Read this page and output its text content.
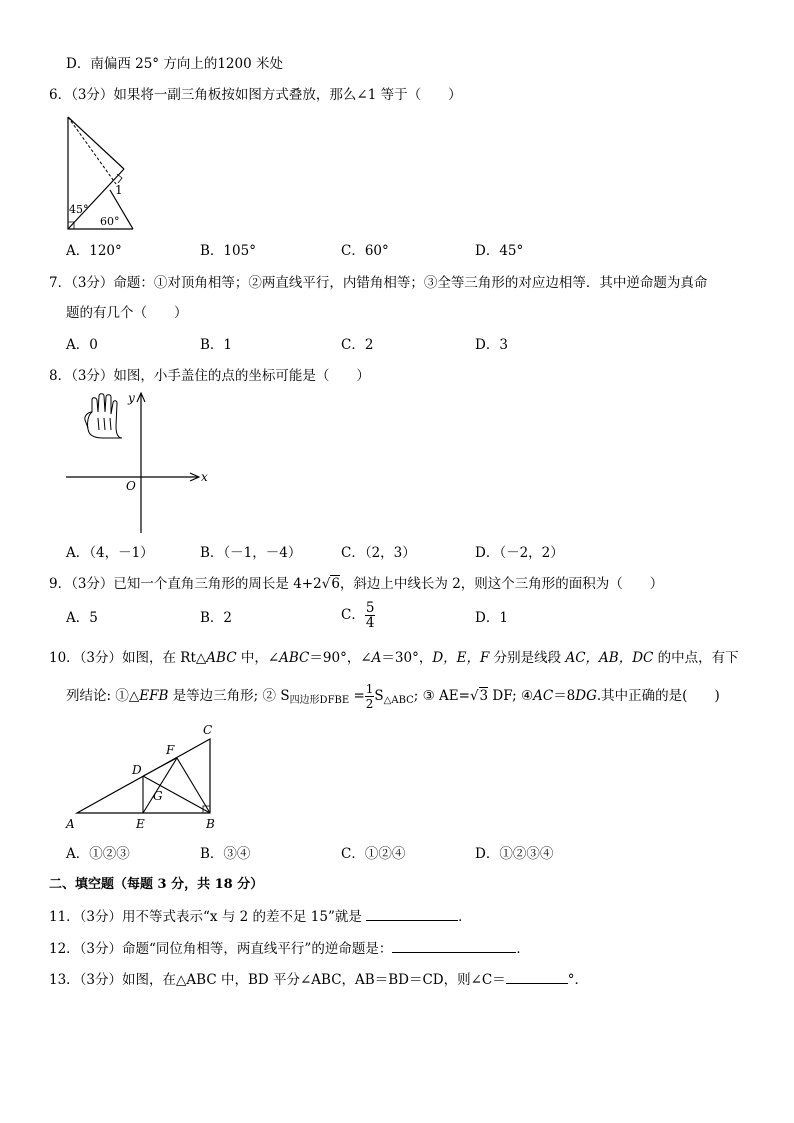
D．南偏西 25° 方向上的1200 米处
6．（3分）如果将一副三角板按如图方式叠放，那么∠1 等于（　　）
1
45°
60°
A．120°	B．105°	C．60°	D．45°
7．（3分）命题：①对顶角相等；②两直线平行，内错角相等；③全等三角形的对应边相等．其中逆命题为真命
题的有几个（　　）
A．0	B．1	C．2	D．3
8．（3分）如图，小手盖住的点的坐标可能是（　　）
x
y
O
A．（4，－1）	B．（－1，－4）	C．（2，3）	D．（－2，2）
9．（3分）已知一个直角三角形的周长是 4+2√6，斜边上中线长为 2，则这个三角形的面积为（　　）
A．5	B．2	C． $\frac{5}{4}$	D．1
10．（3分）如图，在 Rt△ABC 中，∠ABC＝90°，∠A＝30°，D，E，F 分别是线段 AC，AB，DC 的中点，有下
列结论: ①△EFB 是等边三角形; ② $S_{四边形DFBE} = \frac{1}{2} S_{\triangle ABC}$; ③ AE=√3 DF; ④AC＝8DG.其中正确的是(　　)
A	E	B
C
F
D
G
A．①②③	B．③④	C．①②④	D．①②③④
二、填空题（每题 3 分，共 18 分）
11．（3分）用不等式表示“x 与 2 的差不足 15”就是	．
12．（3分）命题“同位角相等，两直线平行”的逆命题是：	．
13．（3分）如图，在△ABC 中，BD 平分∠ABC，AB＝BD＝CD，则∠C＝	°．
